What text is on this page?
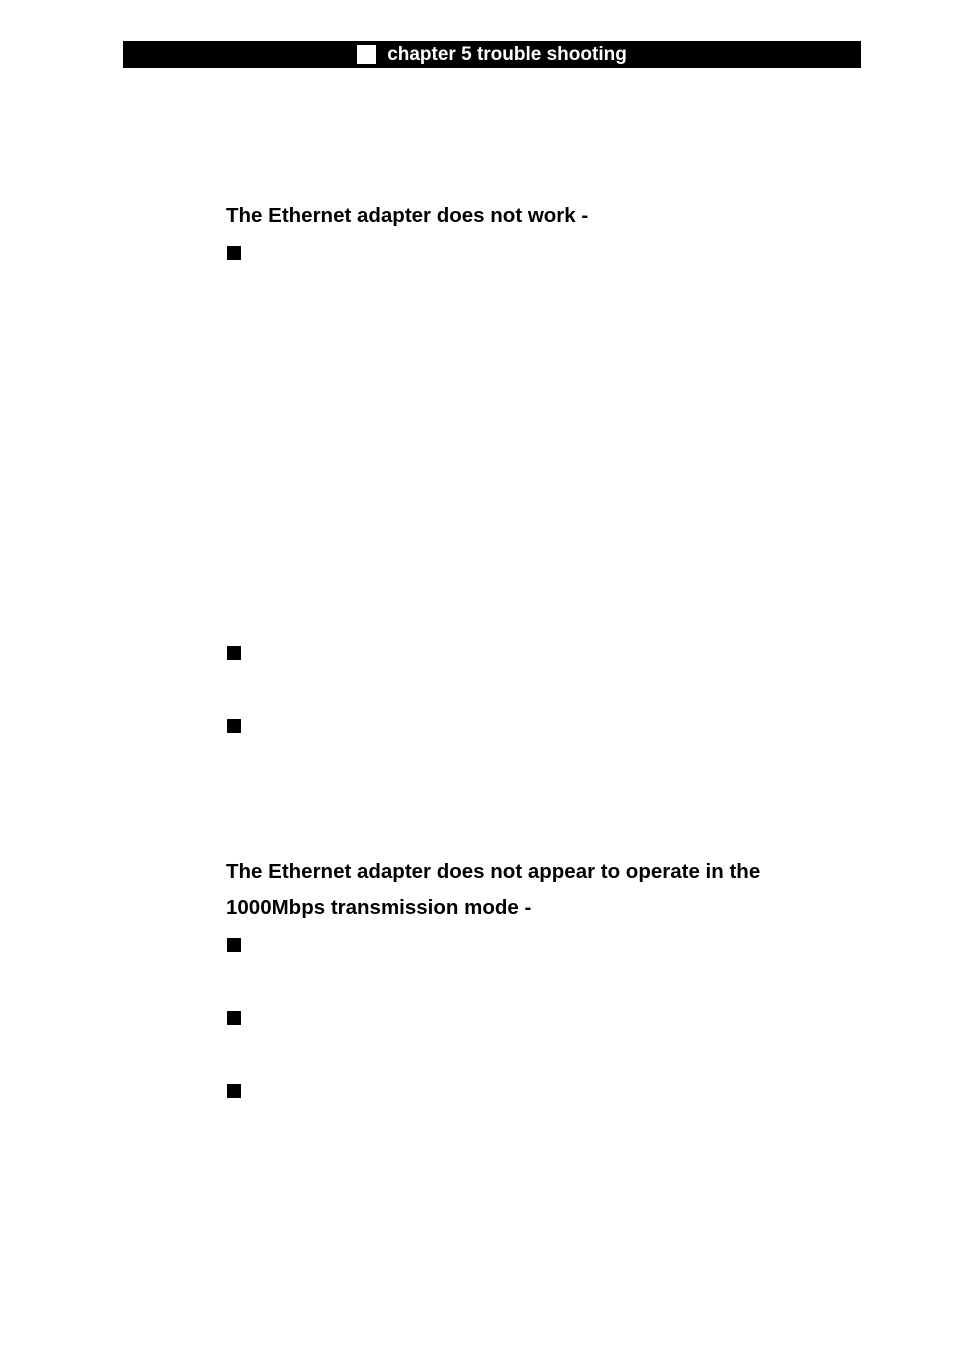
chapter 5 trouble shooting
The Ethernet adapter does not work -
The Ethernet adapter does not appear to operate in the
1000Mbps transmission mode -
